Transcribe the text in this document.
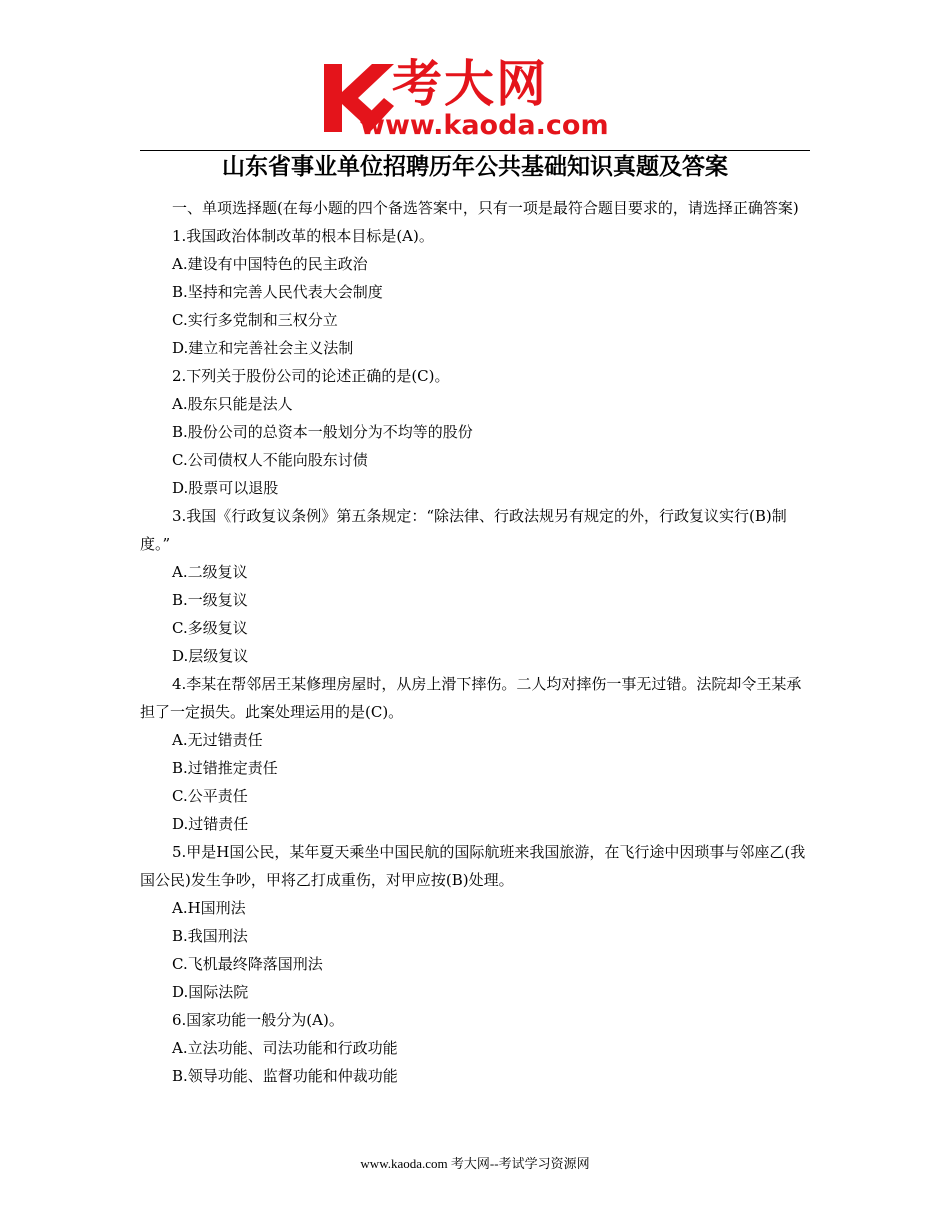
考大网
www.kaoda.com
山东省事业单位招聘历年公共基础知识真题及答案

一、单项选择题(在每小题的四个备选答案中，只有一项是最符合题目要求的，请选择正确答案)

1.我国政治体制改革的根本目标是(A)。

A.建设有中国特色的民主政治

B.坚持和完善人民代表大会制度

C.实行多党制和三权分立

D.建立和完善社会主义法制

2.下列关于股份公司的论述正确的是(C)。

A.股东只能是法人

B.股份公司的总资本一般划分为不均等的股份

C.公司债权人不能向股东讨债

D.股票可以退股

3.我国《行政复议条例》第五条规定：“除法律、行政法规另有规定的外，行政复议实行(B)制度。”

A.二级复议

B.一级复议

C.多级复议

D.层级复议

4.李某在帮邻居王某修理房屋时，从房上滑下摔伤。二人均对摔伤一事无过错。法院却令王某承担了一定损失。此案处理运用的是(C)。

A.无过错责任

B.过错推定责任

C.公平责任

D.过错责任

5.甲是H国公民，某年夏天乘坐中国民航的国际航班来我国旅游，在飞行途中因琐事与邻座乙(我国公民)发生争吵，甲将乙打成重伤，对甲应按(B)处理。

A.H国刑法

B.我国刑法

C.飞机最终降落国刑法

D.国际法院

6.国家功能一般分为(A)。

A.立法功能、司法功能和行政功能

B.领导功能、监督功能和仲裁功能

www.kaoda.com 考大网--考试学习资源网
